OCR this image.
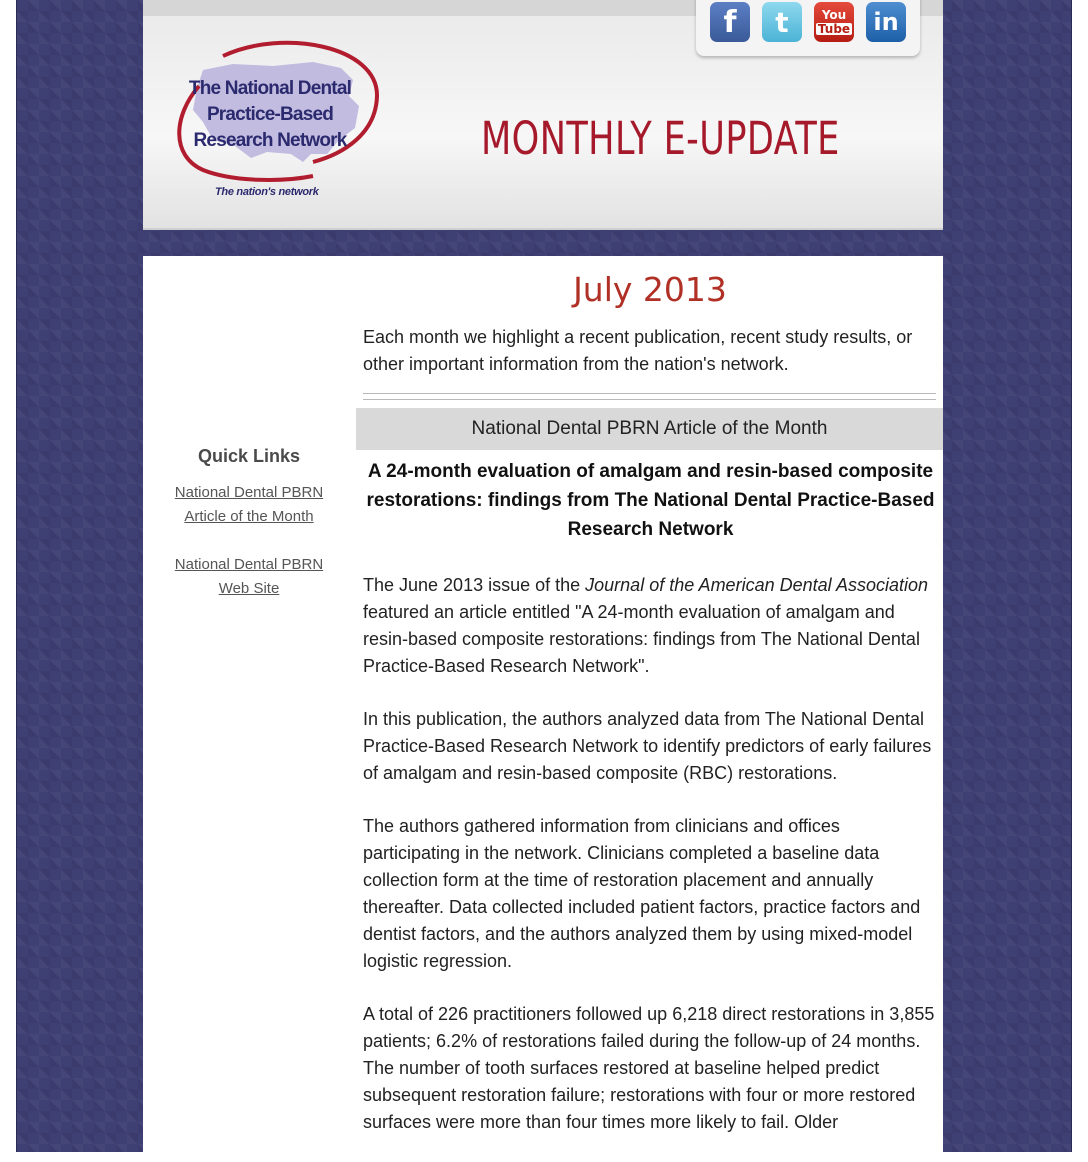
f t	You
Tube in
The National Dental
Practice-Based
Research Network
The nation's network
MONTHLY E-UPDATE
July 2013
Each month we highlight a recent publication, recent study results, or other important information from the nation's network.
National Dental PBRN Article of the Month
Quick Links
National Dental PBRN Article of the Month
National Dental PBRN Web Site
A 24-month evaluation of amalgam and resin-based composite restorations: findings from The National Dental Practice-Based Research Network

The June 2013 issue of the Journal of the American Dental Association featured an article entitled "A 24-month evaluation of amalgam and resin-based composite restorations: findings from The National Dental Practice-Based Research Network".

In this publication, the authors analyzed data from The National Dental Practice-Based Research Network to identify predictors of early failures of amalgam and resin-based composite (RBC) restorations.

The authors gathered information from clinicians and offices participating in the network. Clinicians completed a baseline data collection form at the time of restoration placement and annually thereafter. Data collected included patient factors, practice factors and dentist factors, and the authors analyzed them by using mixed-model logistic regression.

A total of 226 practitioners followed up 6,218 direct restorations in 3,855 patients; 6.2% of restorations failed during the follow-up of 24 months. The number of tooth surfaces restored at baseline helped predict subsequent restoration failure; restorations with four or more restored surfaces were more than four times more likely to fail. Older
